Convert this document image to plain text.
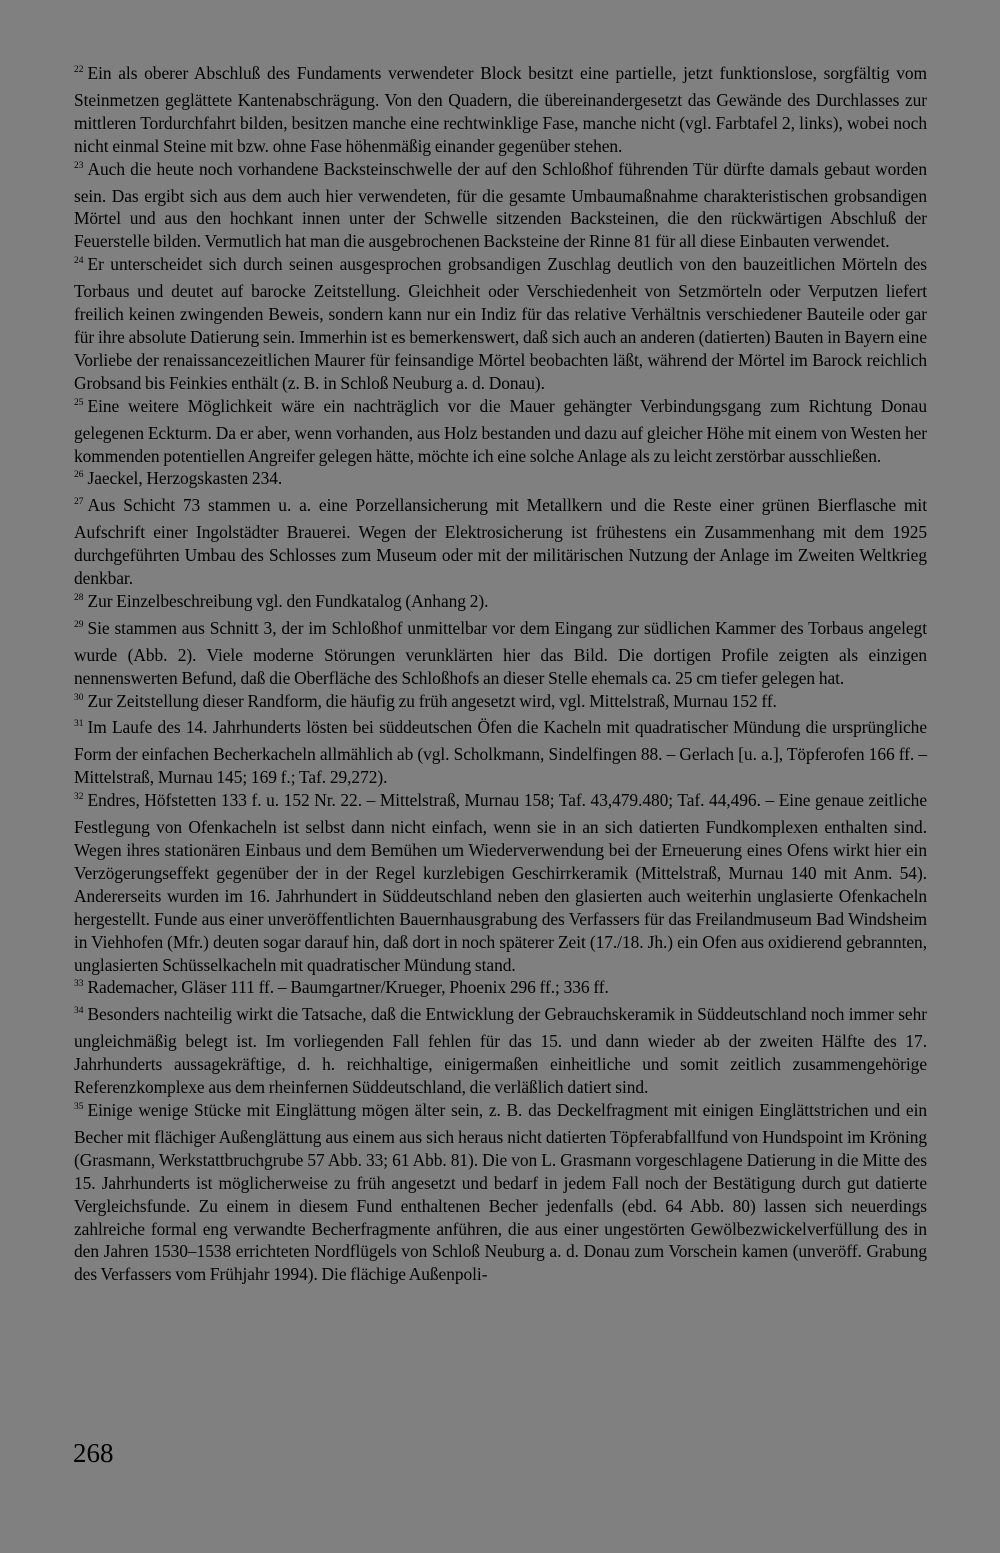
$^{22}$ Ein als oberer Abschluß des Fundaments verwendeter Block besitzt eine partielle, jetzt funktionslose, sorgfältig vom Steinmetzen geglättete Kantenabschrägung. Von den Quadern, die übereinandergesetzt das Gewände des Durchlasses zur mittleren Tordurchfahrt bilden, besitzen manche eine rechtwinklige Fase, manche nicht (vgl. Farbtafel 2, links), wobei noch nicht einmal Steine mit bzw. ohne Fase höhenmäßig einander gegenüber stehen.

$^{23}$ Auch die heute noch vorhandene Backsteinschwelle der auf den Schloßhof führenden Tür dürfte damals gebaut worden sein. Das ergibt sich aus dem auch hier verwendeten, für die gesamte Umbaumaßnahme charakteristischen grobsandigen Mörtel und aus den hochkant innen unter der Schwelle sitzenden Backsteinen, die den rückwärtigen Abschluß der Feuerstelle bilden. Vermutlich hat man die ausgebrochenen Backsteine der Rinne 81 für all diese Einbauten verwendet.

$^{24}$ Er unterscheidet sich durch seinen ausgesprochen grobsandigen Zuschlag deutlich von den bauzeitlichen Mörteln des Torbaus und deutet auf barocke Zeitstellung. Gleichheit oder Verschiedenheit von Setzmörteln oder Verputzen liefert freilich keinen zwingenden Beweis, sondern kann nur ein Indiz für das relative Verhältnis verschiedener Bauteile oder gar für ihre absolute Datierung sein. Immerhin ist es bemerkenswert, daß sich auch an anderen (datierten) Bauten in Bayern eine Vorliebe der renaissancezeitlichen Maurer für feinsandige Mörtel beobachten läßt, während der Mörtel im Barock reichlich Grobsand bis Feinkies enthält (z. B. in Schloß Neuburg a. d. Donau).

$^{25}$ Eine weitere Möglichkeit wäre ein nachträglich vor die Mauer gehängter Verbindungsgang zum Richtung Donau gelegenen Eckturm. Da er aber, wenn vorhanden, aus Holz bestanden und dazu auf gleicher Höhe mit einem von Westen her kommenden potentiellen Angreifer gelegen hätte, möchte ich eine solche Anlage als zu leicht zerstörbar ausschließen.

$^{26}$ Jaeckel, Herzogskasten 234.

$^{27}$ Aus Schicht 73 stammen u. a. eine Porzellansicherung mit Metallkern und die Reste einer grünen Bierflasche mit Aufschrift einer Ingolstädter Brauerei. Wegen der Elektrosicherung ist frühestens ein Zusammenhang mit dem 1925 durchgeführten Umbau des Schlosses zum Museum oder mit der militärischen Nutzung der Anlage im Zweiten Weltkrieg denkbar.

$^{28}$ Zur Einzelbeschreibung vgl. den Fundkatalog (Anhang 2).

$^{29}$ Sie stammen aus Schnitt 3, der im Schloßhof unmittelbar vor dem Eingang zur südlichen Kammer des Torbaus angelegt wurde (Abb. 2). Viele moderne Störungen verunklärten hier das Bild. Die dortigen Profile zeigten als einzigen nennenswerten Befund, daß die Oberfläche des Schloßhofs an dieser Stelle ehemals ca. 25 cm tiefer gelegen hat.

$^{30}$ Zur Zeitstellung dieser Randform, die häufig zu früh angesetzt wird, vgl. Mittelstraß, Murnau 152 ff.

$^{31}$ Im Laufe des 14. Jahrhunderts lösten bei süddeutschen Öfen die Kacheln mit quadratischer Mündung die ursprüngliche Form der einfachen Becherkacheln allmählich ab (vgl. Scholkmann, Sindelfingen 88. – Gerlach [u. a.], Töpferofen 166 ff. – Mittelstraß, Murnau 145; 169 f.; Taf. 29,272).

$^{32}$ Endres, Höfstetten 133 f. u. 152 Nr. 22. – Mittelstraß, Murnau 158; Taf. 43,479.480; Taf. 44,496. – Eine genaue zeitliche Festlegung von Ofenkacheln ist selbst dann nicht einfach, wenn sie in an sich datierten Fundkomplexen enthalten sind. Wegen ihres stationären Einbaus und dem Bemühen um Wiederverwendung bei der Erneuerung eines Ofens wirkt hier ein Verzögerungseffekt gegenüber der in der Regel kurzlebigen Geschirrkeramik (Mittelstraß, Murnau 140 mit Anm. 54). Andererseits wurden im 16. Jahrhundert in Süddeutschland neben den glasierten auch weiterhin unglasierte Ofenkacheln hergestellt. Funde aus einer unveröffentlichten Bauernhausgrabung des Verfassers für das Freilandmuseum Bad Windsheim in Viehhofen (Mfr.) deuten sogar darauf hin, daß dort in noch späterer Zeit (17./18. Jh.) ein Ofen aus oxidierend gebrannten, unglasierten Schüsselkacheln mit quadratischer Mündung stand.

$^{33}$ Rademacher, Gläser 111 ff. – Baumgartner/Krueger, Phoenix 296 ff.; 336 ff.

$^{34}$ Besonders nachteilig wirkt die Tatsache, daß die Entwicklung der Gebrauchskeramik in Süddeutschland noch immer sehr ungleichmäßig belegt ist. Im vorliegenden Fall fehlen für das 15. und dann wieder ab der zweiten Hälfte des 17. Jahrhunderts aussagekräftige, d. h. reichhaltige, einigermaßen einheitliche und somit zeitlich zusammengehörige Referenzkomplexe aus dem rheinfernen Süddeutschland, die verläßlich datiert sind.

$^{35}$ Einige wenige Stücke mit Einglättung mögen älter sein, z. B. das Deckelfragment mit einigen Einglättstrichen und ein Becher mit flächiger Außenglättung aus einem aus sich heraus nicht datierten Töpferabfallfund von Hundspoint im Kröning (Grasmann, Werkstattbruchgrube 57 Abb. 33; 61 Abb. 81). Die von L. Grasmann vorgeschlagene Datierung in die Mitte des 15. Jahrhunderts ist möglicherweise zu früh angesetzt und bedarf in jedem Fall noch der Bestätigung durch gut datierte Vergleichsfunde. Zu einem in diesem Fund enthaltenen Becher jedenfalls (ebd. 64 Abb. 80) lassen sich neuerdings zahlreiche formal eng verwandte Becherfragmente anführen, die aus einer ungestörten Gewölbezwickelverfüllung des in den Jahren 1530–1538 errichteten Nordflügels von Schloß Neuburg a. d. Donau zum Vorschein kamen (unveröff. Grabung des Verfassers vom Frühjahr 1994). Die flächige Außenpoli-

268
